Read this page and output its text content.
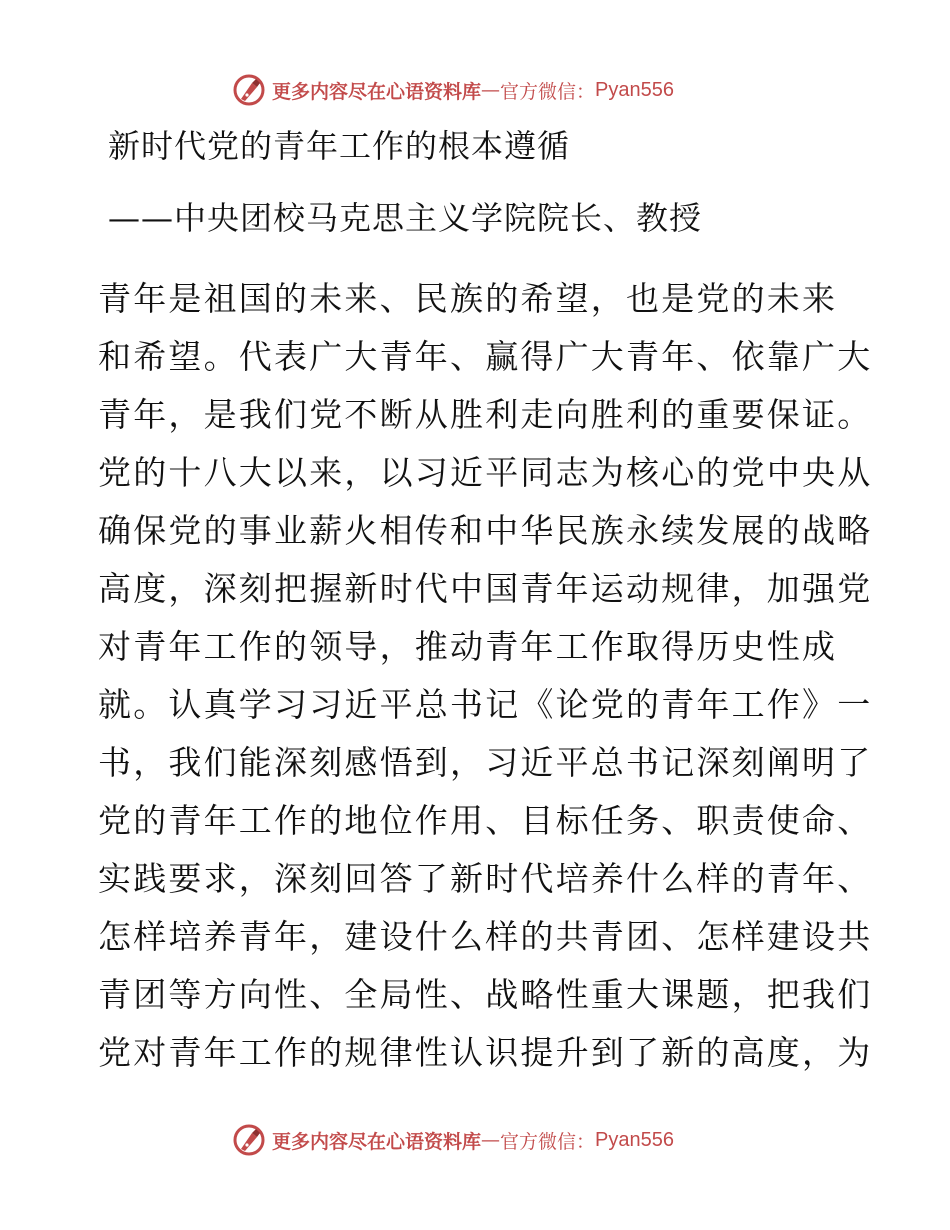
更多内容尽在心语资料库 — 官方微信： Pyan556
新时代党的青年工作的根本遵循
——中央团校马克思主义学院院长、教授
青年是祖国的未来、民族的希望，也是党的未来
和希望。代表广大青年、赢得广大青年、依靠广大
青年，是我们党不断从胜利走向胜利的重要保证。
党的十八大以来，以习近平同志为核心的党中央从
确保党的事业薪火相传和中华民族永续发展的战略
高度，深刻把握新时代中国青年运动规律，加强党
对青年工作的领导，推动青年工作取得历史性成
就。认真学习习近平总书记《论党的青年工作》一
书，我们能深刻感悟到，习近平总书记深刻阐明了
党的青年工作的地位作用、目标任务、职责使命、
实践要求，深刻回答了新时代培养什么样的青年、
怎样培养青年，建设什么样的共青团、怎样建设共
青团等方向性、全局性、战略性重大课题，把我们
党对青年工作的规律性认识提升到了新的高度，为
更多内容尽在心语资料库 — 官方微信： Pyan556
